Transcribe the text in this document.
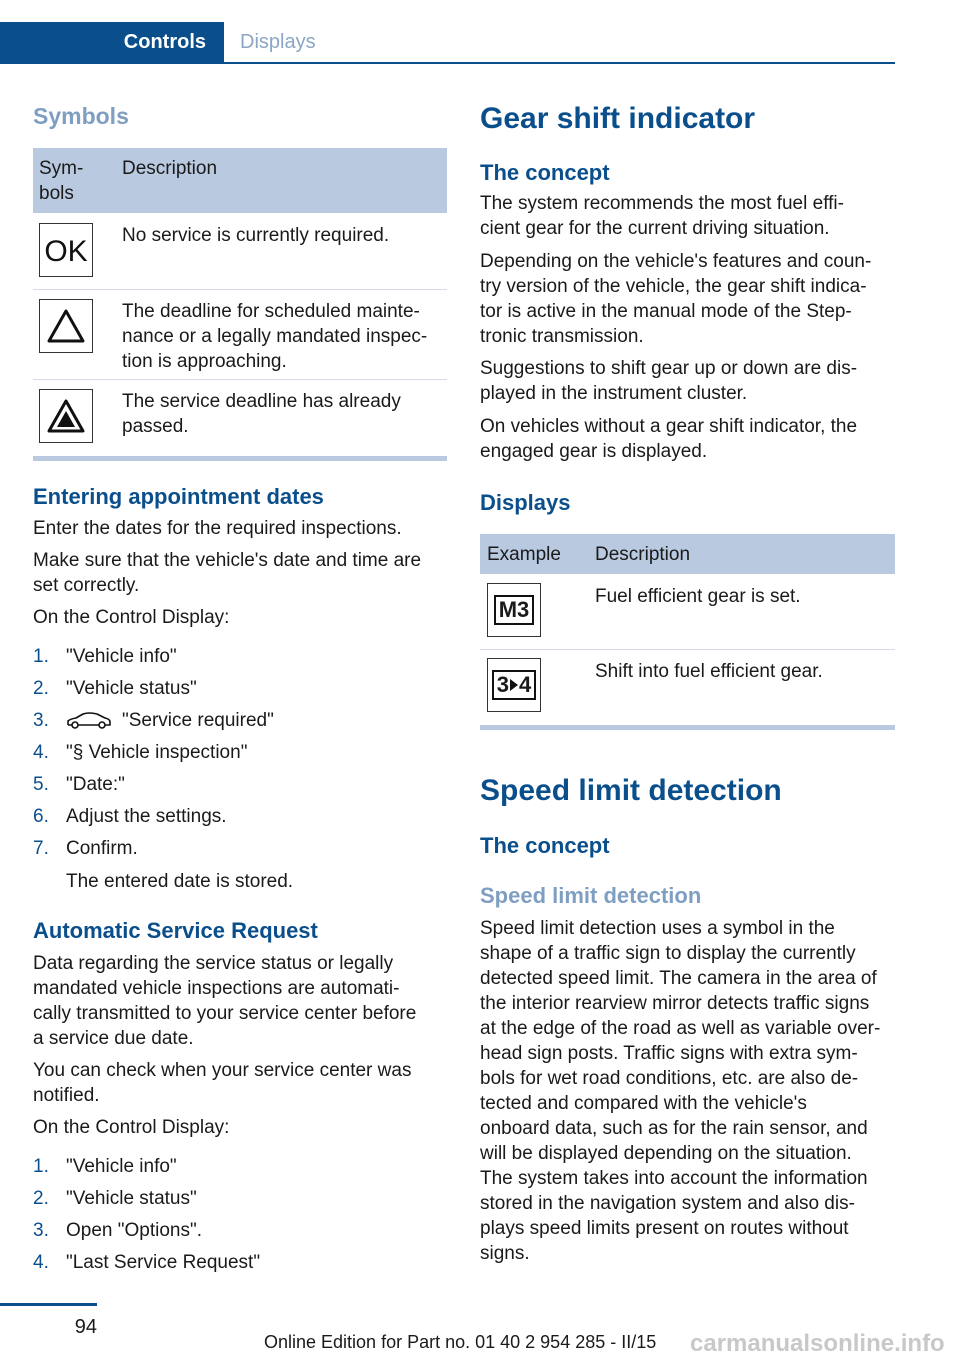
Controls	Displays
Symbols
Sym-
bols
Description
OK No service is currently required.
The deadline for scheduled mainte-
nance or a legally mandated inspec-
tion is approaching.
The service deadline has already
passed.
Entering appointment dates

Enter the dates for the required inspections.

Make sure that the vehicle's date and time are
set correctly.

On the Control Display:

1. "Vehicle info"
2. "Vehicle status"
3.	"Service required"
4. "§ Vehicle inspection"
5. "Date:"
6. Adjust the settings.
7. Confirm.
The entered date is stored.
Automatic Service Request

Data regarding the service status or legally
mandated vehicle inspections are automati-
cally transmitted to your service center before
a service due date.

You can check when your service center was
notified.

On the Control Display:

1. "Vehicle info"
2. "Vehicle status"
3. Open "Options".
4. "Last Service Request"
Gear shift indicator
The concept

The system recommends the most fuel effi-
cient gear for the current driving situation.

Depending on the vehicle's features and coun-
try version of the vehicle, the gear shift indica-
tor is active in the manual mode of the Step-
tronic transmission.

Suggestions to shift gear up or down are dis-
played in the instrument cluster.

On vehicles without a gear shift indicator, the
engaged gear is displayed.

Displays
Example Description
M3
Fuel efficient gear is set.
3 4
Shift into fuel efficient gear.
Speed limit detection
The concept
Speed limit detection

Speed limit detection uses a symbol in the
shape of a traffic sign to display the currently
detected speed limit. The camera in the area of
the interior rearview mirror detects traffic signs
at the edge of the road as well as variable over-
head sign posts. Traffic signs with extra sym-
bols for wet road conditions, etc. are also de-
tected and compared with the vehicle's
onboard data, such as for the rain sensor, and
will be displayed depending on the situation.
The system takes into account the information
stored in the navigation system and also dis-
plays speed limits present on routes without
signs.

94
Online Edition for Part no. 01 40 2 954 285 - II/15 carmanualsonline.info
